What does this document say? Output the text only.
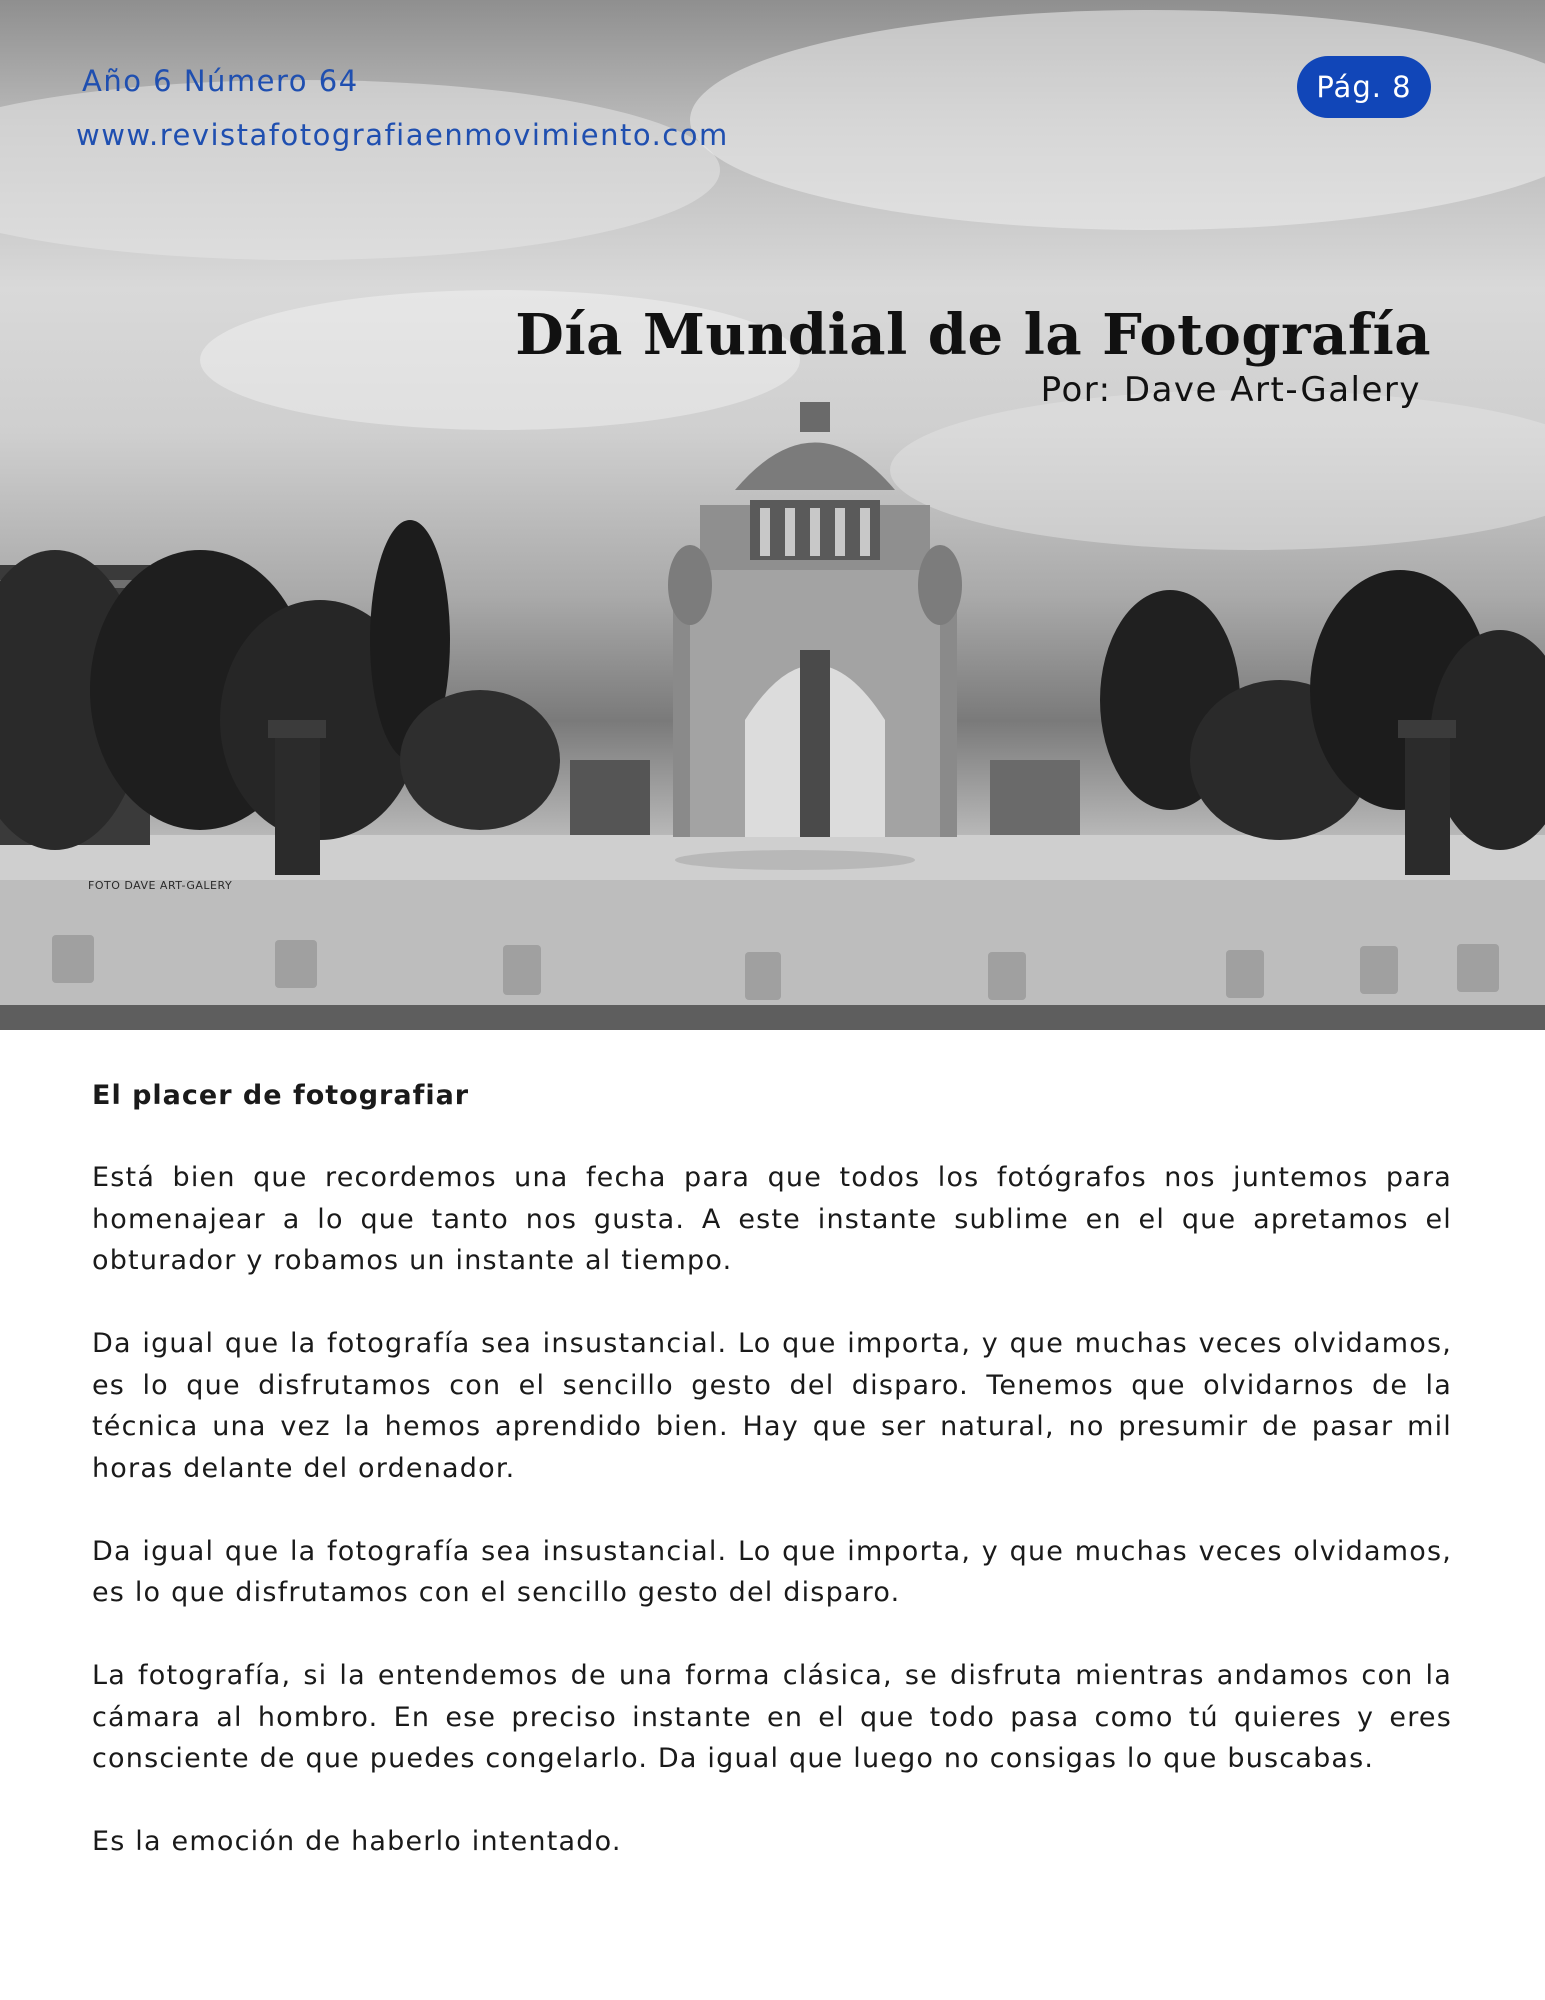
Año 6 Número 64
www.revistafotografiaenmovimiento.com
Pág. 8
Día Mundial de la Fotografía
Por: Dave Art-Galery
FOTO DAVE ART-GALERY
El placer de fotografiar

Está bien que recordemos una fecha para que todos los fotógrafos nos juntemos para homenajear a lo que tanto nos gusta. A este instante sublime en el que apretamos el obturador y robamos un instante al tiempo.

Da igual que la fotografía sea insustancial. Lo que importa, y que muchas veces olvidamos, es lo que disfrutamos con el sencillo gesto del disparo. Tenemos que olvidarnos de la técnica una vez la hemos aprendido bien. Hay que ser natural, no presumir de pasar mil horas delante del ordenador.

Da igual que la fotografía sea insustancial. Lo que importa, y que muchas veces olvidamos, es lo que disfrutamos con el sencillo gesto del disparo.

La fotografía, si la entendemos de una forma clásica, se disfruta mientras andamos con la cámara al hombro. En ese preciso instante en el que todo pasa como tú quieres y eres consciente de que puedes congelarlo. Da igual que luego no consigas lo que buscabas.

Es la emoción de haberlo intentado.
